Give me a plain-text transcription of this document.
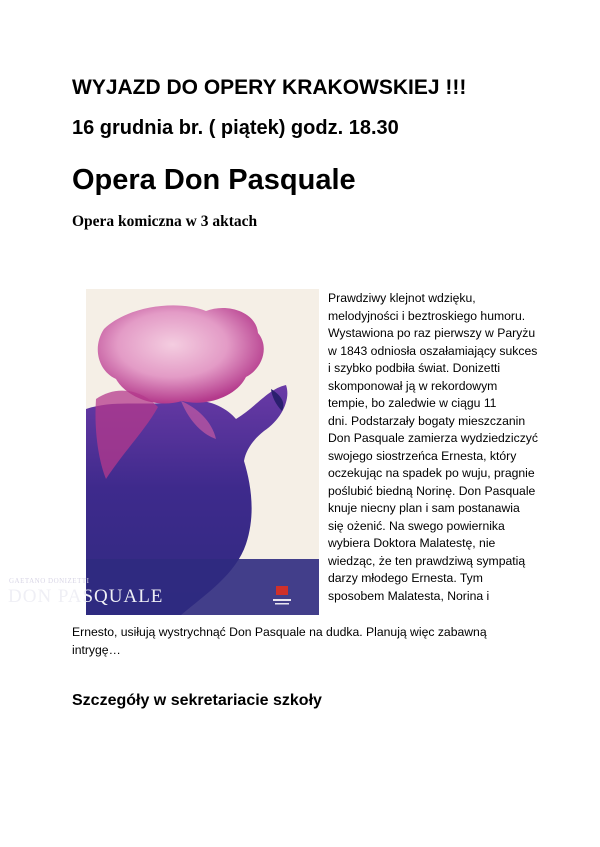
WYJAZD DO OPERY KRAKOWSKIEJ !!!
16 grudnia br. ( piątek) godz. 18.30
Opera Don Pasquale
Opera komiczna w 3 aktach
GAETANO DONIZETTI
DON PASQUALE
Prawdziwy klejnot wdzięku,
melodyjności i beztroskiego humoru.
Wystawiona po raz pierwszy w Paryżu
w 1843 odniosła oszałamiający sukces
i szybko podbiła świat. Donizetti
skomponował ją w rekordowym
tempie, bo zaledwie w ciągu 11
dni. Podstarzały bogaty mieszczanin
Don Pasquale zamierza wydziedziczyć
swojego siostrzeńca Ernesta, który
oczekując na spadek po wuju, pragnie
poślubić biedną Norinę. Don Pasquale
knuje niecny plan i sam postanawia
się ożenić. Na swego powiernika
wybiera Doktora Malatestę, nie
wiedząc, że ten prawdziwą sympatią
darzy młodego Ernesta. Tym
sposobem Malatesta, Norina i
Ernesto, usiłują wystrychnąć Don Pasquale na dudka. Planują więc zabawną
intrygę…
Szczegóły w sekretariacie szkoły
